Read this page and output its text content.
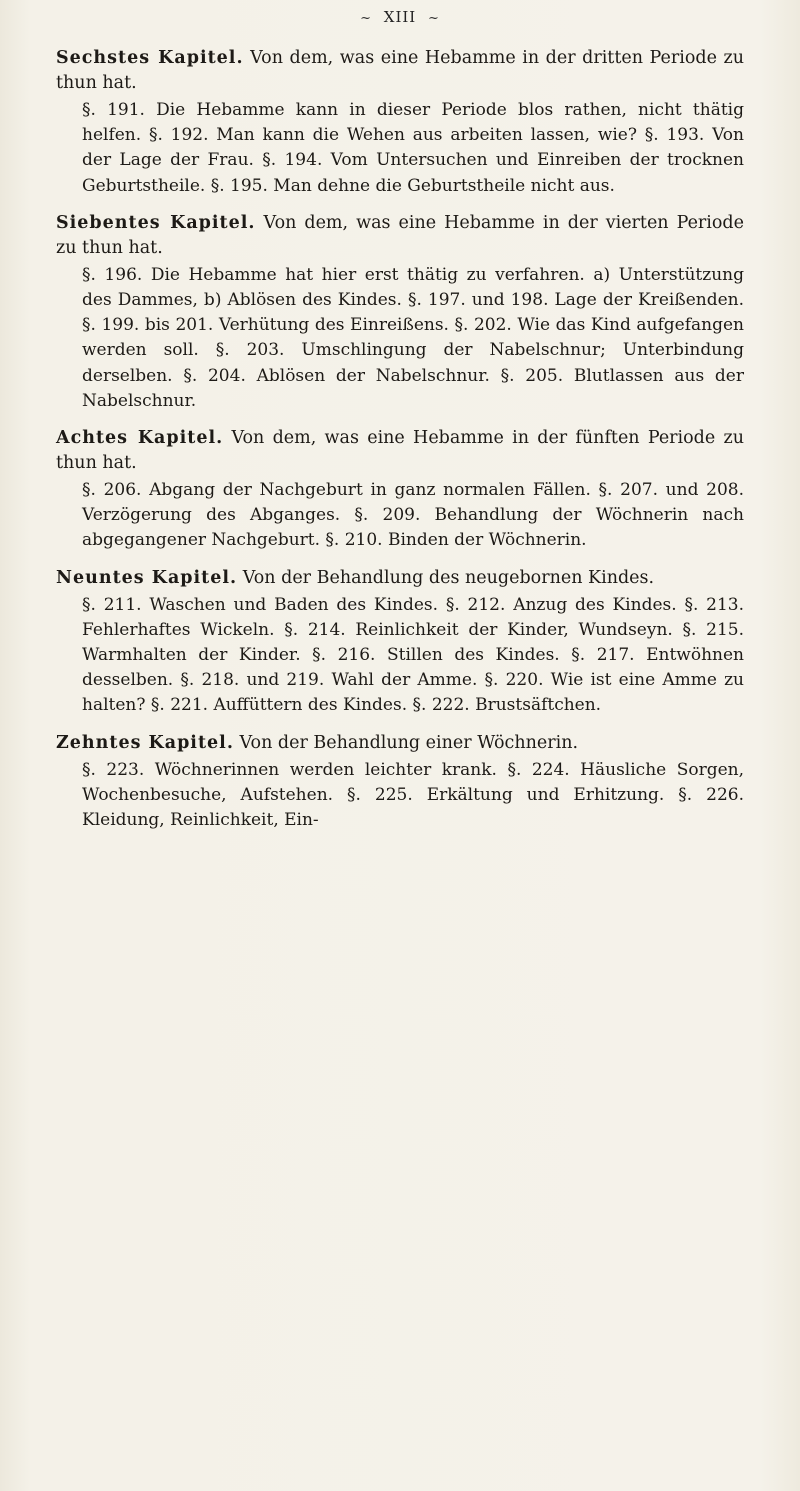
~ XIII ~

Sechstes Kapitel. Von dem, was eine Hebamme in der dritten Periode zu thun hat.

§. 191. Die Hebamme kann in dieser Periode blos rathen, nicht thätig helfen. §. 192. Man kann die Wehen aus arbeiten lassen, wie? §. 193. Von der Lage der Frau. §. 194. Vom Untersuchen und Einreiben der trocknen Geburtstheile. §. 195. Man dehne die Geburtstheile nicht aus.

Siebentes Kapitel. Von dem, was eine Hebamme in der vierten Periode zu thun hat.

§. 196. Die Hebamme hat hier erst thätig zu verfahren. a) Unterstützung des Dammes, b) Ablösen des Kindes. §. 197. und 198. Lage der Kreißenden. §. 199. bis 201. Verhütung des Einreißens. §. 202. Wie das Kind aufgefangen werden soll. §. 203. Umschlingung der Nabelschnur; Unterbindung derselben. §. 204. Ablösen der Nabelschnur. §. 205. Blutlassen aus der Nabelschnur.

Achtes Kapitel. Von dem, was eine Hebamme in der fünften Periode zu thun hat.

§. 206. Abgang der Nachgeburt in ganz normalen Fällen. §. 207. und 208. Verzögerung des Abganges. §. 209. Behandlung der Wöchnerin nach abgegangener Nachgeburt. §. 210. Binden der Wöchnerin.

Neuntes Kapitel. Von der Behandlung des neugebornen Kindes.

§. 211. Waschen und Baden des Kindes. §. 212. Anzug des Kindes. §. 213. Fehlerhaftes Wickeln. §. 214. Reinlichkeit der Kinder, Wundseyn. §. 215. Warmhalten der Kinder. §. 216. Stillen des Kindes. §. 217. Entwöhnen desselben. §. 218. und 219. Wahl der Amme. §. 220. Wie ist eine Amme zu halten? §. 221. Auffüttern des Kindes. §. 222. Brustsäftchen.

Zehntes Kapitel. Von der Behandlung einer Wöchnerin.

§. 223. Wöchnerinnen werden leichter krank. §. 224. Häusliche Sorgen, Wochenbesuche, Aufstehen. §. 225. Erkältung und Erhitzung. §. 226. Kleidung, Reinlichkeit, Ein-
